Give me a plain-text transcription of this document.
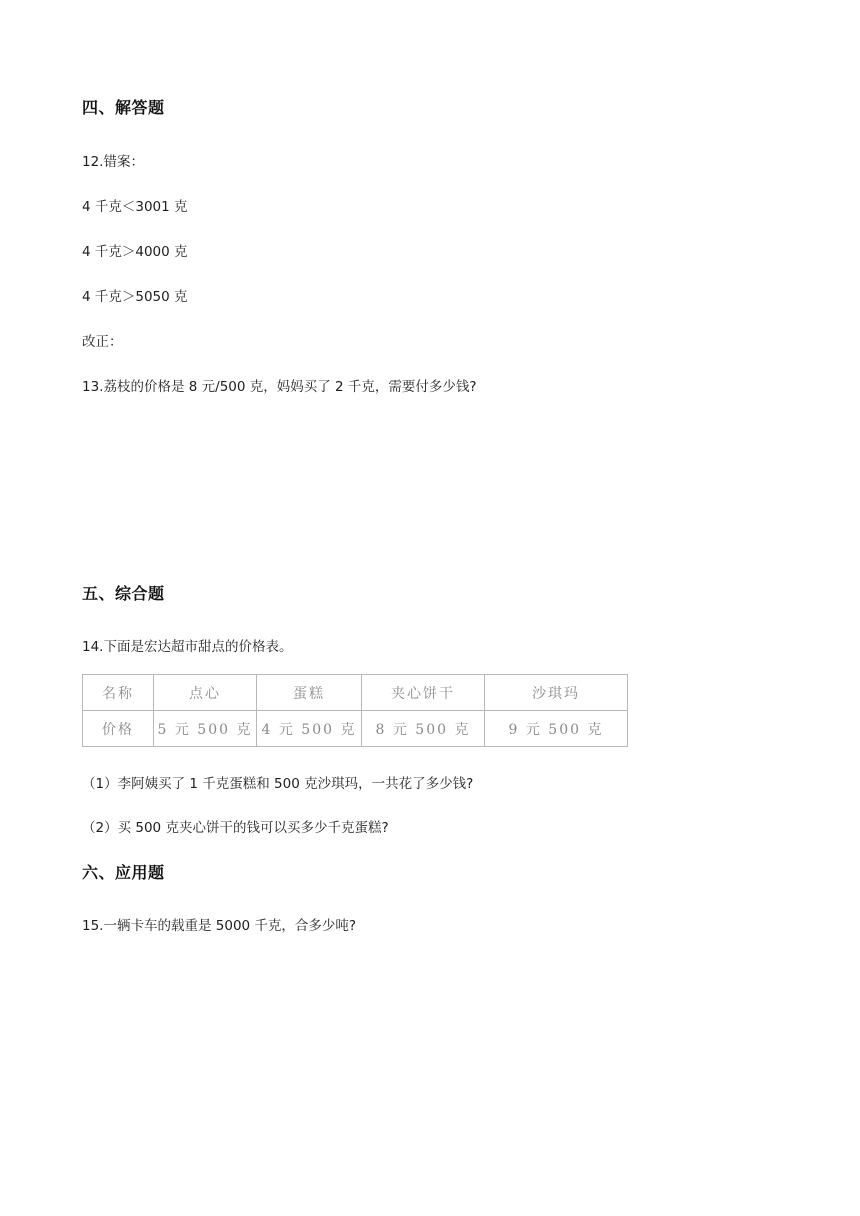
四、解答题
12.错案：
4 千克＜3001 克
4 千克＞4000 克
4 千克＞5050 克
改正：
13.荔枝的价格是 8 元/500 克，妈妈买了 2 千克，需要付多少钱?
五、综合题
14.下面是宏达超市甜点的价格表。
名称	点心	蛋糕	夹心饼干	沙琪玛
价格	5 元 500 克	4 元 500 克	8 元 500 克	9 元 500 克
（1）李阿姨买了 1 千克蛋糕和 500 克沙琪玛，一共花了多少钱?
（2）买 500 克夹心饼干的钱可以买多少千克蛋糕?
六、应用题
15.一辆卡车的载重是 5000 千克，合多少吨?
